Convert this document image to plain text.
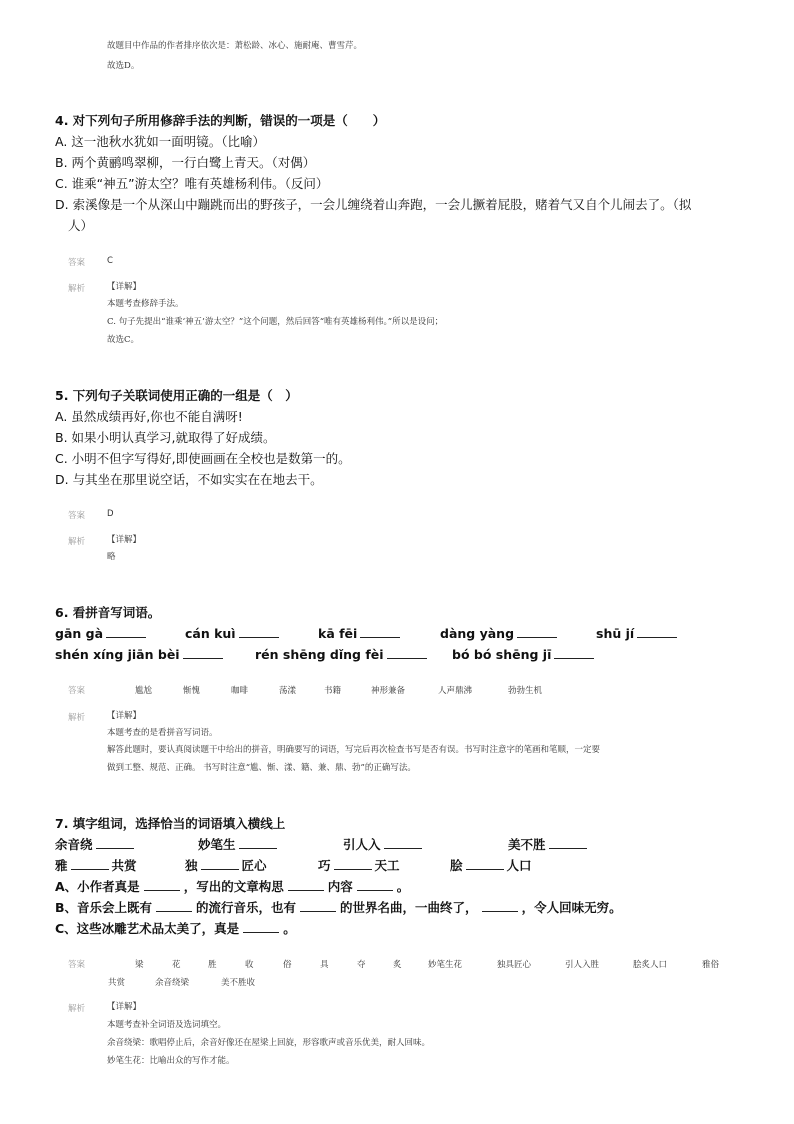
故题目中作品的作者排序依次是：萧松龄、冰心、施耐庵、曹雪芹。
故选D。
4. 对下列句子所用修辞手法的判断，错误的一项是（　　）
A. 这一池秋水犹如一面明镜。（比喻）
B. 两个黄鹂鸣翠柳，一行白鹭上青天。（对偶）
C. 谁乘“神五”游太空？唯有英雄杨利伟。（反问）
D. 索溪像是一个从深山中蹦跳而出的野孩子，一会儿缠绕着山奔跑，一会儿撅着屁股，赌着气又自个儿闹去了。（拟
人）
答案	C
解析	【详解】
本题考查修辞手法。
C. 句子先提出“谁乘‘神五’游太空？”这个问题，然后回答“唯有英雄杨利伟。”所以是设问；
故选C。
5. 下列句子关联词使用正确的一组是（　）
A. 虽然成绩再好,你也不能自满呀!
B. 如果小明认真学习,就取得了好成绩。
C. 小明不但字写得好,即使画画在全校也是数第一的。
D. 与其坐在那里说空话，不如实实在在地去干。
答案	D
解析	【详解】
略
6. 看拼音写词语。
gān gà	cán kuì	kā fēi	dàng yàng	shū jí
shén xíng jiān bèi	rén shēng dǐng fèi	bó bó shēng jī
答案	尴尬	惭愧	咖啡	荡漾	书籍	神形兼备	人声鼎沸	勃勃生机
解析	【详解】
本题考查的是看拼音写词语。
解答此题时，要认真阅读题干中给出的拼音，明确要写的词语，写完后再次检查书写是否有误。书写时注意字的笔画和笔顺，一定要
做到工整、规范、正确。 书写时注意“尴、惭、漾、籍、兼、鼎、勃”的正确写法。
7. 填字组词，选择恰当的词语填入横线上
余音绕	妙笔生	引人入	美不胜
雅	共赏	独	匠心	巧	天工	脍	人口
A、小作者真是	，写出的文章构思	内容	。
B、音乐会上既有	的流行音乐，也有	的世界名曲，一曲终了，	，令人回味无穷。
C、这些冰雕艺术品太美了，真是	。
答案	梁	花	胜	收	俗	具	夺	炙	妙笔生花	独具匠心	引人入胜	脍炙人口	雅俗
共赏	余音绕梁	美不胜收
解析	【详解】
本题考查补全词语及选词填空。
余音绕梁：歌唱停止后，余音好像还在屋梁上回旋，形容歌声或音乐优美，耐人回味。
妙笔生花：比喻出众的写作才能。
